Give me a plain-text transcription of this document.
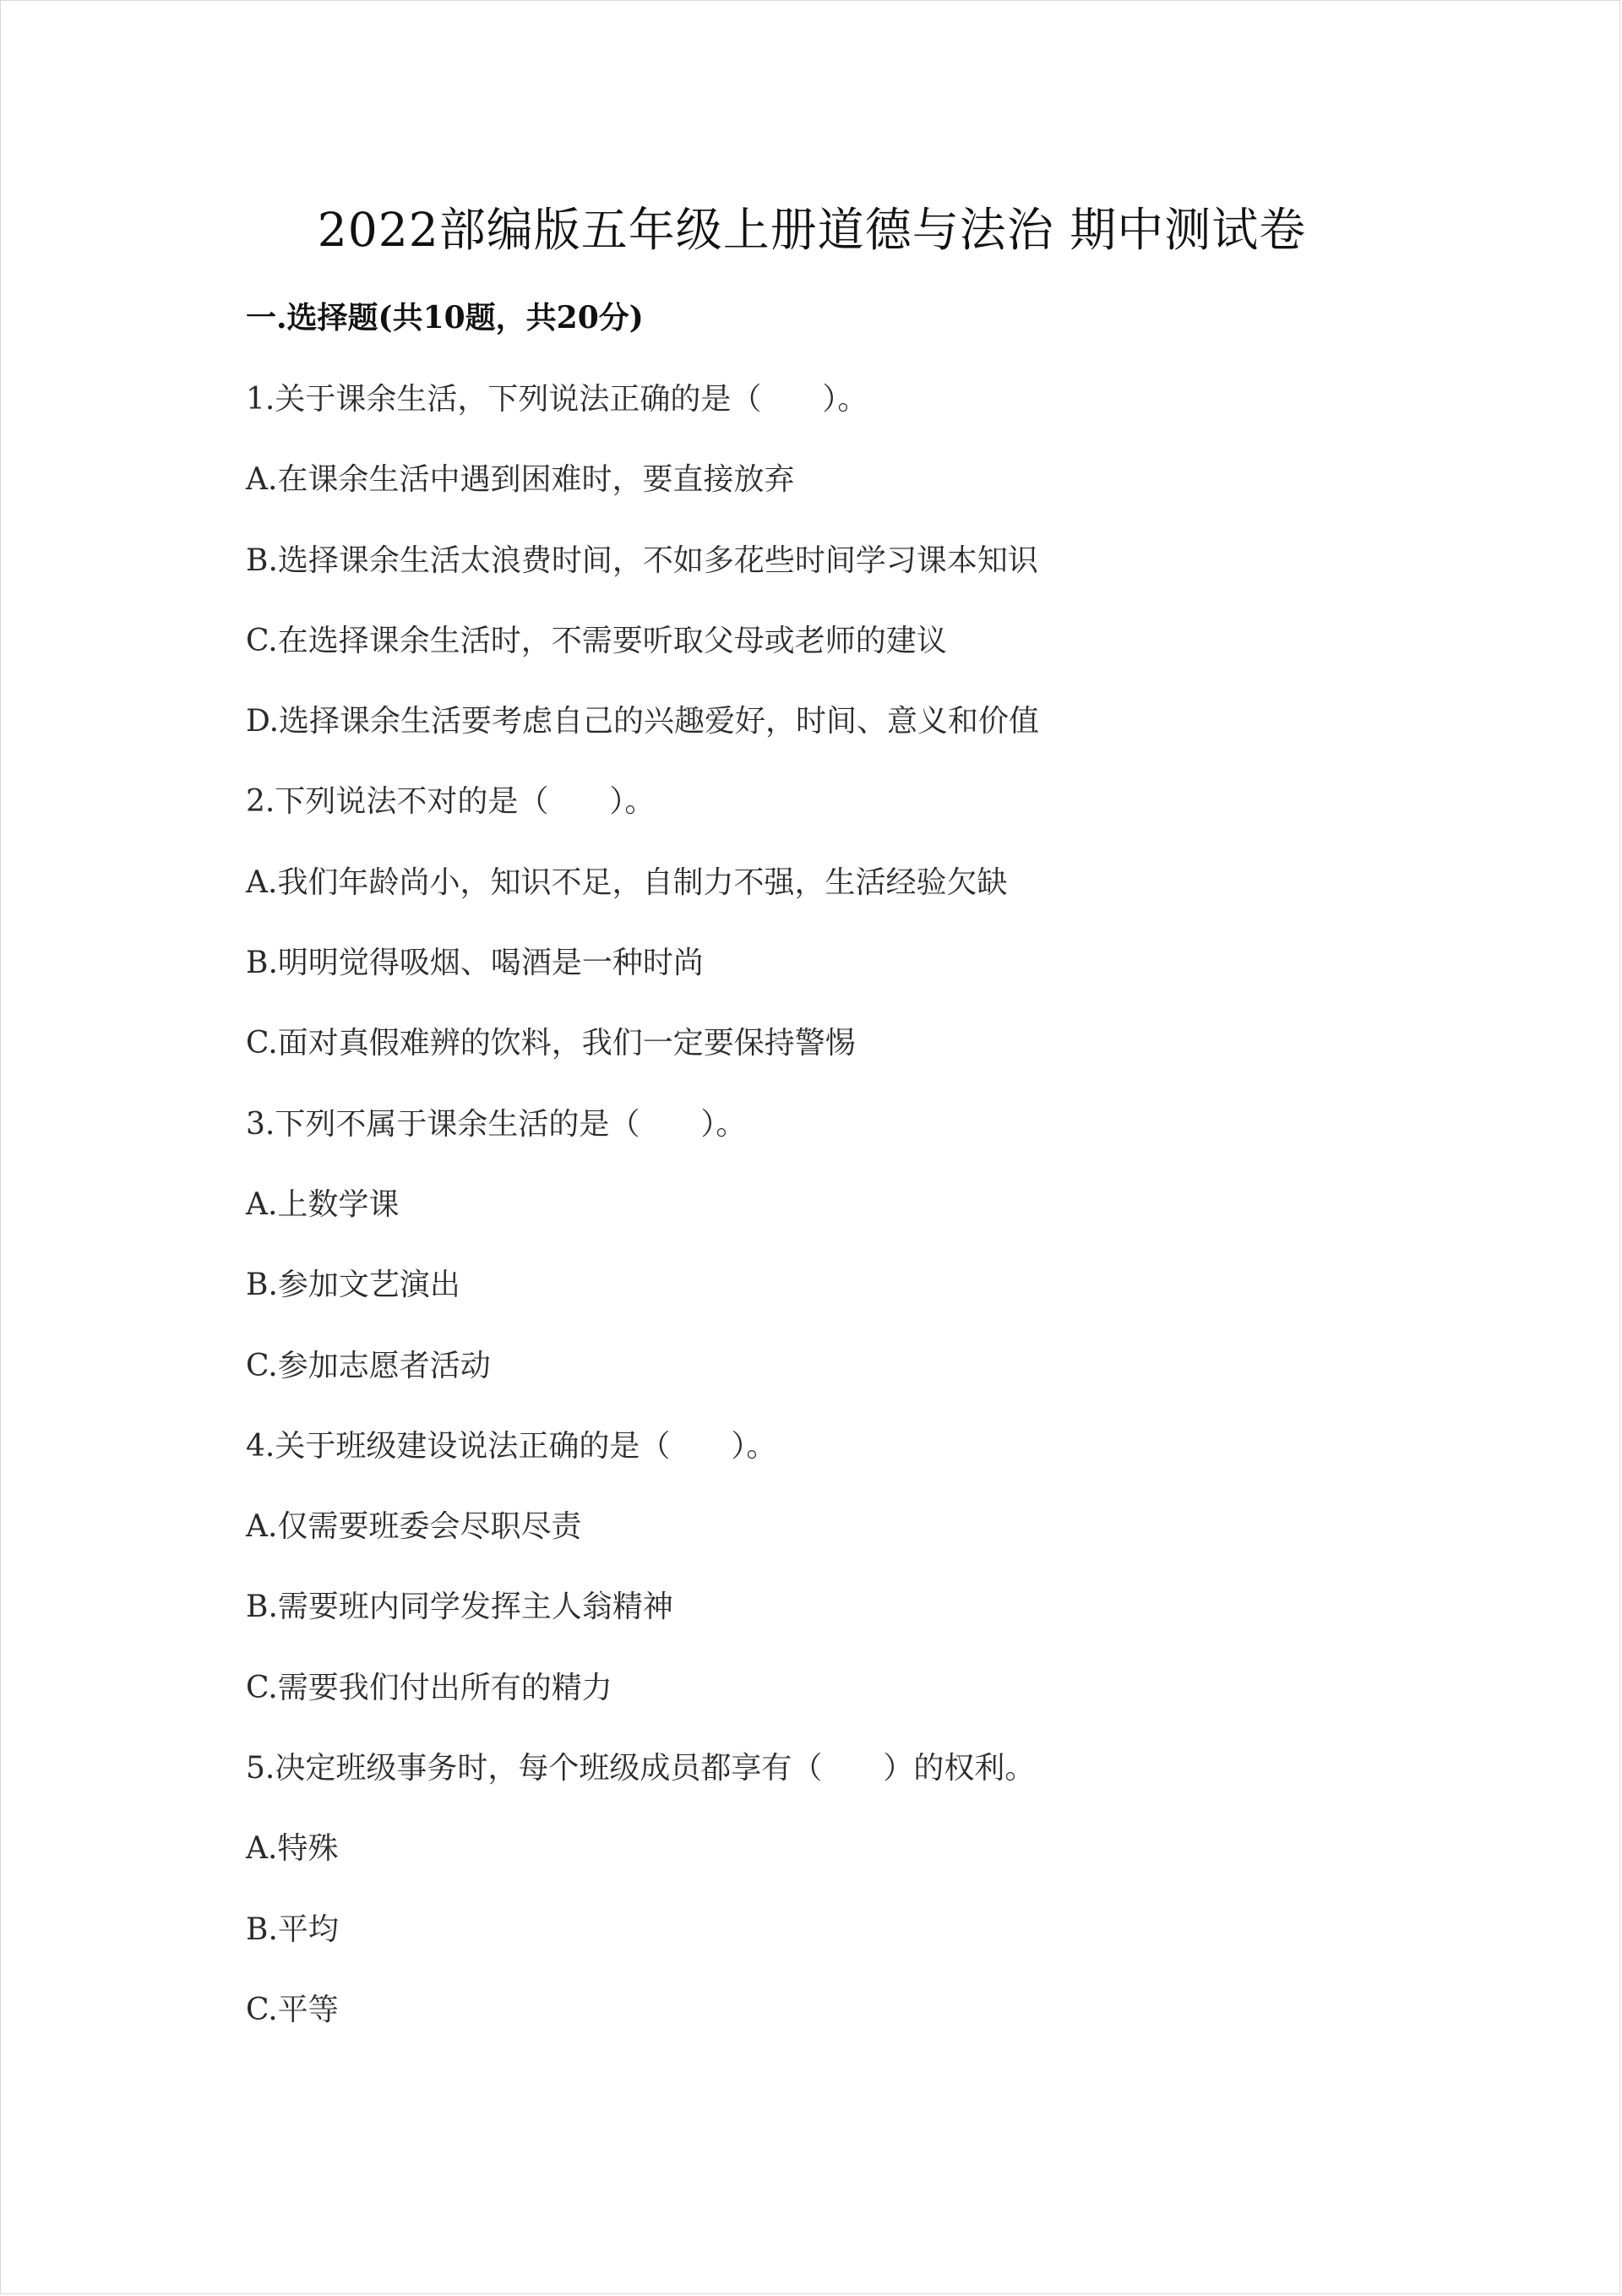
2022部编版五年级上册道德与法治 期中测试卷
一.选择题(共10题，共20分)
1.关于课余生活，下列说法正确的是（　　）。
A.在课余生活中遇到困难时，要直接放弃
B.选择课余生活太浪费时间，不如多花些时间学习课本知识
C.在选择课余生活时，不需要听取父母或老师的建议
D.选择课余生活要考虑自己的兴趣爱好，时间、意义和价值
2.下列说法不对的是（　　）。
A.我们年龄尚小，知识不足，自制力不强，生活经验欠缺
B.明明觉得吸烟、喝酒是一种时尚
C.面对真假难辨的饮料，我们一定要保持警惕
3.下列不属于课余生活的是（　　）。
A.上数学课
B.参加文艺演出
C.参加志愿者活动
4.关于班级建设说法正确的是（　　）。
A.仅需要班委会尽职尽责
B.需要班内同学发挥主人翁精神
C.需要我们付出所有的精力
5.决定班级事务时，每个班级成员都享有（　　）的权利。
A.特殊
B.平均
C.平等
